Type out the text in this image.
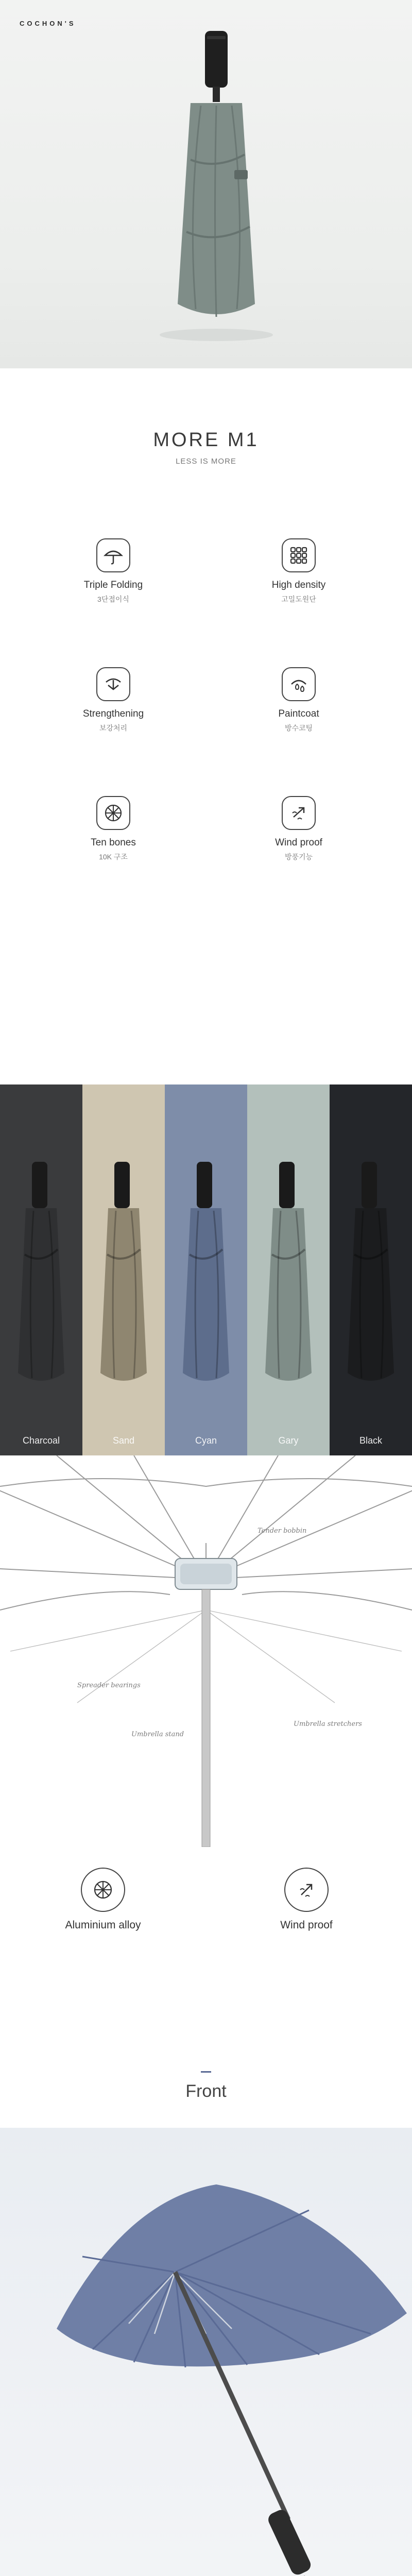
COCHON'S
MORE M1
LESS IS MORE
Triple Folding
3단접이식
High density
고밀도원단
Strengthening
보강처리
Paintcoat
방수코팅
Ten bones
10K 구조
Wind proof
방풍기능
Charcoal	Sand	Cyan	Gary	Black
Tender bobbin
Spreader bearings
Umbrella stand
Umbrella stretchers
Aluminium alloy	Wind proof
Front
